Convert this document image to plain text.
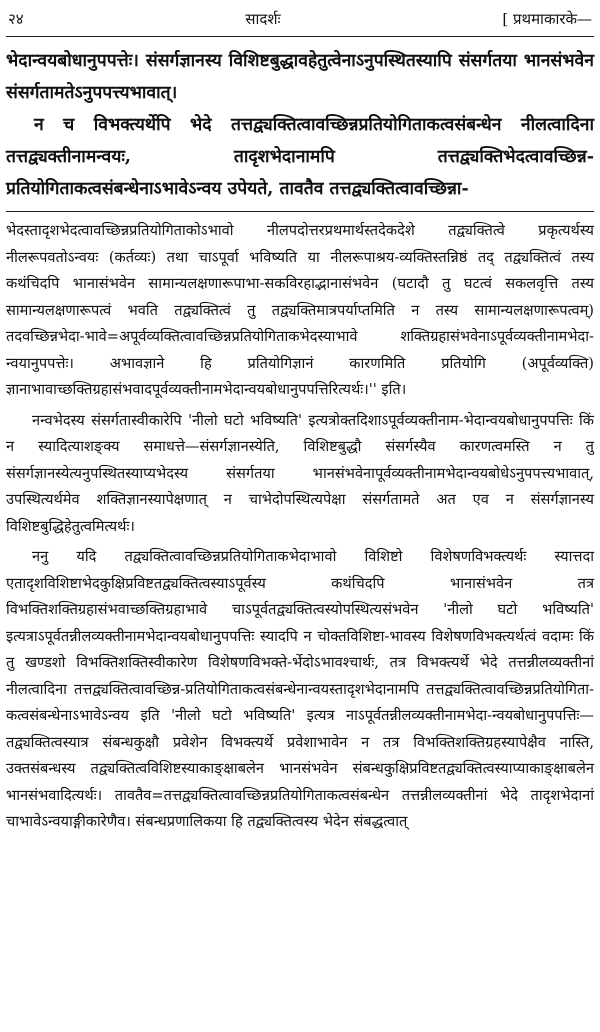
२४	सादर्शः	[ प्रथमाकारके—

भेदान्वयबोधानुपपत्तेः। संसर्गज्ञानस्य विशिष्टबुद्धावहेतुत्वेनाऽनुपस्थितस्यापि संसर्गतया भानसंभवेन संसर्गतामतेऽनुपपत्त्यभावात्।

न च विभक्त्यर्थेपि भेदे तत्तद्व्यक्तित्वावच्छिन्नप्रतियोगिताकत्वसंबन्धेन नीलत्वादिना तत्तद्व्यक्तीनामन्वयः, तादृशभेदानामपि तत्तद्व्यक्तिभेदत्वावच्छिन्न-प्रतियोगिताकत्वसंबन्धेनाऽभावेऽन्वय उपेयते, तावतैव तत्तद्व्यक्तित्वावच्छिन्ना-

भेदस्तादृशभेदत्वावच्छिन्नप्रतियोगिताकोऽभावो नीलपदोत्तरप्रथमार्थस्तदेकदेशे तद्व्यक्तित्वे प्रकृत्यर्थस्य नीलरूपवतोऽन्वयः (कर्तव्यः) तथा चाऽपूर्वा भविष्यति या नीलरूपाश्रय-व्यक्तिस्तन्निष्ठं तद् तद्व्यक्तित्वं तस्य कथंचिदपि भानासंभवेन सामान्यलक्षणारूपाभा-सकविरहाद्भानासंभवेन (घटादौ तु घटत्वं सकलवृत्ति तस्य सामान्यलक्षणारूपत्वं भवति तद्व्यक्तित्वं तु तद्व्यक्तिमात्रपर्याप्तमिति न तस्य सामान्यलक्षणारूपत्वम्) तदवच्छिन्नभेदा-भावे=अपूर्वव्यक्तित्वावच्छिन्नप्रतियोगिताकभेदस्याभावे शक्तिग्रहासंभवेनाऽपूर्वव्यक्तीनामभेदा-न्वयानुपपत्तेः। अभावज्ञाने हि प्रतियोगिज्ञानं कारणमिति प्रतियोगि (अपूर्वव्यक्ति) ज्ञानाभावाच्छक्तिग्रहासंभवादपूर्वव्यक्तीनामभेदान्वयबोधानुपपत्तिरित्यर्थः।'' इति।

नन्वभेदस्य संसर्गतास्वीकारेपि 'नीलो घटो भविष्यति' इत्यत्रोक्तदिशाऽपूर्वव्यक्तीनाम-भेदान्वयबोधानुपपत्तिः किं न स्यादित्याशङ्क्य समाधत्ते—संसर्गज्ञानस्येति, विशिष्टबुद्धौ संसर्गस्यैव कारणत्वमस्ति न तु संसर्गज्ञानस्येत्यनुपस्थितस्याप्यभेदस्य संसर्गतया भानसंभवेनापूर्वव्यक्तीनामभेदान्वयबोधेऽनुपपत्त्यभावात्, उपस्थित्यर्थमेव शक्तिज्ञानस्यापेक्षणात् न चाभेदोपस्थित्यपेक्षा संसर्गतामते अत एव न संसर्गज्ञानस्य विशिष्टबुद्धिहेतुत्वमित्यर्थः।

ननु यदि तद्व्यक्तित्वावच्छिन्नप्रतियोगिताकभेदाभावो विशिष्टो विशेषणविभक्त्यर्थः स्यात्तदा एतादृशविशिष्टाभेदकुक्षिप्रविष्टतद्व्यक्तित्वस्याऽपूर्वस्य कथंचिदपि भानासंभवेन तत्र विभक्तिशक्तिग्रहासंभवाच्छक्तिग्रहाभावे चाऽपूर्वतद्व्यक्तित्वस्योपस्थित्यसंभवेन 'नीलो घटो भविष्यति' इत्यत्राऽपूर्वतन्नीलव्यक्तीनामभेदान्वयबोधानुपपत्तिः स्यादपि न चोक्तविशिष्टा-भावस्य विशेषणविभक्त्यर्थत्वं वदामः किं तु खण्डशो विभक्तिशक्तिस्वीकारेण विशेषणविभक्ते-र्भेदोऽभावश्चार्थः, तत्र विभक्त्यर्थे भेदे तत्तन्नीलव्यक्तीनां नीलत्वादिना तत्तद्व्यक्तित्वावच्छिन्न-प्रतियोगिताकत्वसंबन्धेनान्वयस्तादृशभेदानामपि तत्तद्व्यक्तित्वावच्छिन्नप्रतियोगिता-कत्वसंबन्धेनाऽभावेऽन्वय इति 'नीलो घटो भविष्यति' इत्यत्र नाऽपूर्वतन्नीलव्यक्तीनामभेदा-न्वयबोधानुपपत्तिः—तद्व्यक्तित्वस्यात्र संबन्धकुक्षौ प्रवेशेन विभक्त्यर्थे प्रवेशाभावेन न तत्र विभक्तिशक्तिग्रहस्यापेक्षैव नास्ति, उक्तसंबन्धस्य तद्व्यक्तित्वविशिष्टस्याकाङ्क्षाबलेन भानसंभवेन संबन्धकुक्षिप्रविष्टतद्व्यक्तित्वस्याप्याकाङ्क्षाबलेन भानसंभवादित्यर्थः। तावतैव=तत्तद्व्यक्तित्वावच्छिन्नप्रतियोगिताकत्वसंबन्धेन तत्तन्नीलव्यक्तीनां भेदे तादृशभेदानां चाभावेऽन्वयाङ्गीकारेणैव। संबन्धप्रणालिकया हि तद्व्यक्तित्वस्य भेदेन संबद्धत्वात्
